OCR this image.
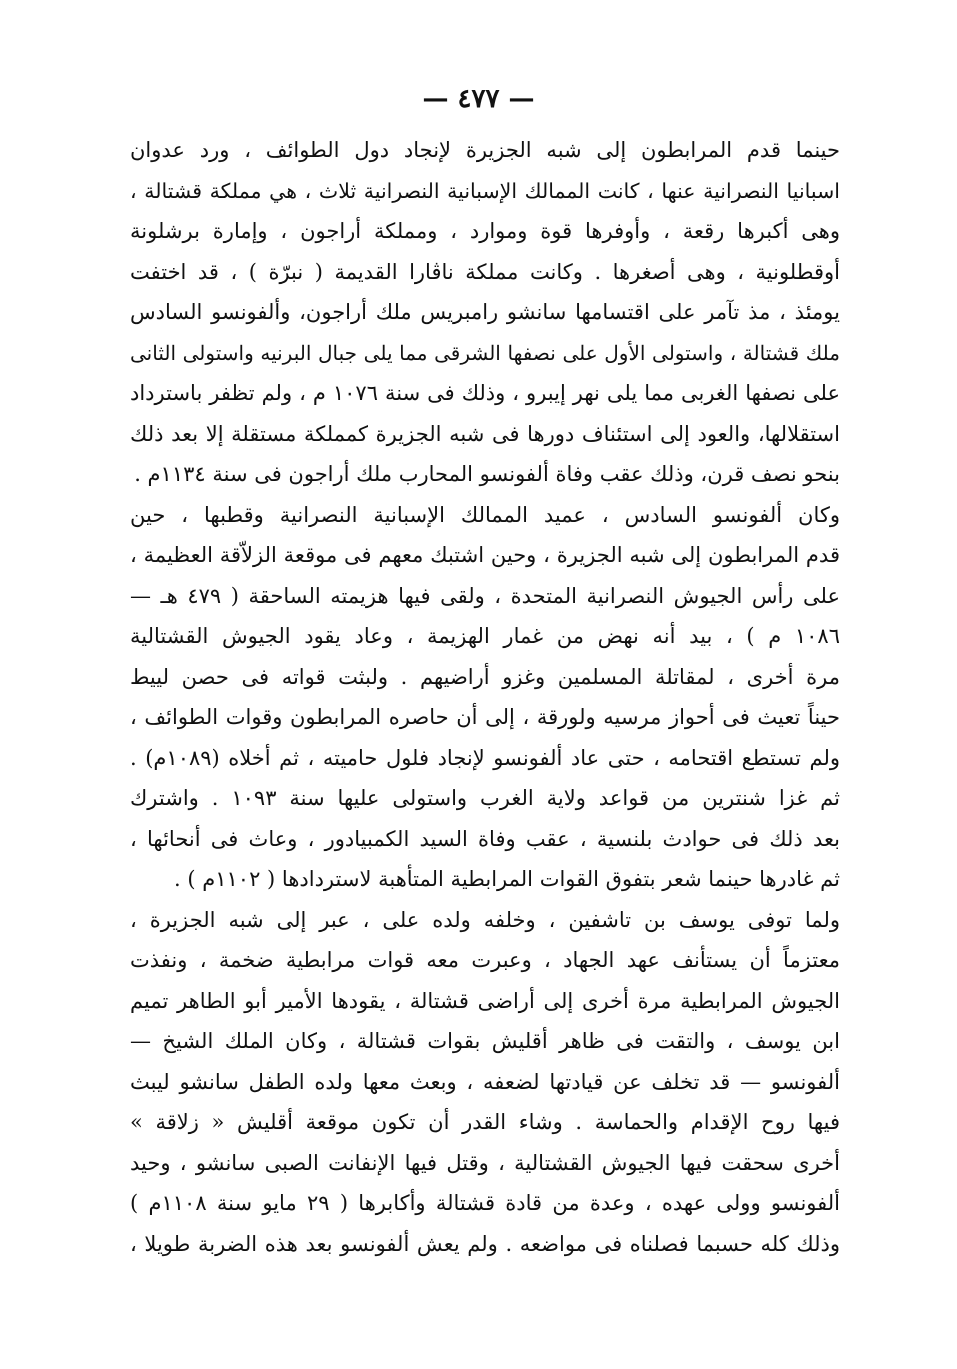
— ٤٧٧ —
حينما قدم المرابطون إلى شبه الجزيرة لإنجاد دول الطوائف ، ورد عدوان
اسبانيا النصرانية عنها ، كانت الممالك الإسبانية النصرانية ثلاث ، هي مملكة قشتالة ،
وهى أكبرها رقعة ، وأوفرها قوة وموارد ، ومملكة أراجون ، وإمارة برشلونة
أوقطلونية ، وهى أصغرها . وكانت مملكة ناڤارا القديمة ( نبرّة ) ، قد اختفت
يومئذ ، مذ تآمر على اقتسامها سانشو رامبريس ملك أراجون، وألفونسو السادس
ملك قشتالة ، واستولى الأول على نصفها الشرقى مما يلى جبال البرنيه واستولى الثانى
على نصفها الغربى مما يلى نهر إيبرو ، وذلك فى سنة ١٠٧٦ م ، ولم تظفر باسترداد
استقلالها، والعود إلى استئناف دورها فى شبه الجزيرة كمملكة مستقلة إلا بعد ذلك
بنحو نصف قرن، وذلك عقب وفاة ألفونسو المحارب ملك أراجون فى سنة ١١٣٤م .
وكان ألفونسو السادس ، عميد الممالك الإسبانية النصرانية وقطبها ، حين
قدم المرابطون إلى شبه الجزيرة ، وحين اشتبك معهم فى موقعة الزلاّقة العظيمة ،
على رأس الجيوش النصرانية المتحدة ، ولقى فيها هزيمته الساحقة ( ٤٧٩ هـ —
١٠٨٦ م ) ، بيد أنه نهض من غمار الهزيمة ، وعاد يقود الجيوش القشتالية
مرة أخرى ، لمقاتلة المسلمين وغزو أراضيهم . ولبثت قواته فى حصن لييط
حيناً تعيث فى أحواز مرسيه ولورقة ، إلى أن حاصره المرابطون وقوات الطوائف ،
ولم تستطع اقتحامه ، حتى عاد ألفونسو لإنجاد فلول حاميته ، ثم أخلاه (١٠٨٩م) .
ثم غزا شنترين من قواعد ولاية الغرب واستولى عليها سنة ١٠٩٣ . واشترك
بعد ذلك فى حوادث بلنسية ، عقب وفاة السيد الكمبيادور ، وعاث فى أنحائها ،
ثم غادرها حينما شعر بتفوق القوات المرابطية المتأهبة لاستردادها ( ١١٠٢م ) .
ولما توفى يوسف بن تاشفين ، وخلفه ولده على ، عبر إلى شبه الجزيرة ،
معتزماً أن يستأنف عهد الجهاد ، وعبرت معه قوات مرابطية ضخمة ، ونفذت
الجيوش المرابطية مرة أخرى إلى أراضى قشتالة ، يقودها الأمير أبو الطاهر تميم
ابن يوسف ، والتقت فى ظاهر أقليش بقوات قشتالة ، وكان الملك الشيخ —
ألفونسو — قد تخلف عن قيادتها لضعفه ، وبعث معها ولده الطفل سانشو ليبث
فيها روح الإقدام والحماسة . وشاء القدر أن تكون موقعة أقليش « زلاقة »
أخرى سحقت فيها الجيوش القشتالية ، وقتل فيها الإنفانت الصبى سانشو ، وحيد
ألفونسو وولى عهده ، وعدة من قادة قشتالة وأكابرها ( ٢٩ مايو سنة ١١٠٨م )
وذلك كله حسبما فصلناه فى مواضعه . ولم يعش ألفونسو بعد هذه الضربة طويلا ،
